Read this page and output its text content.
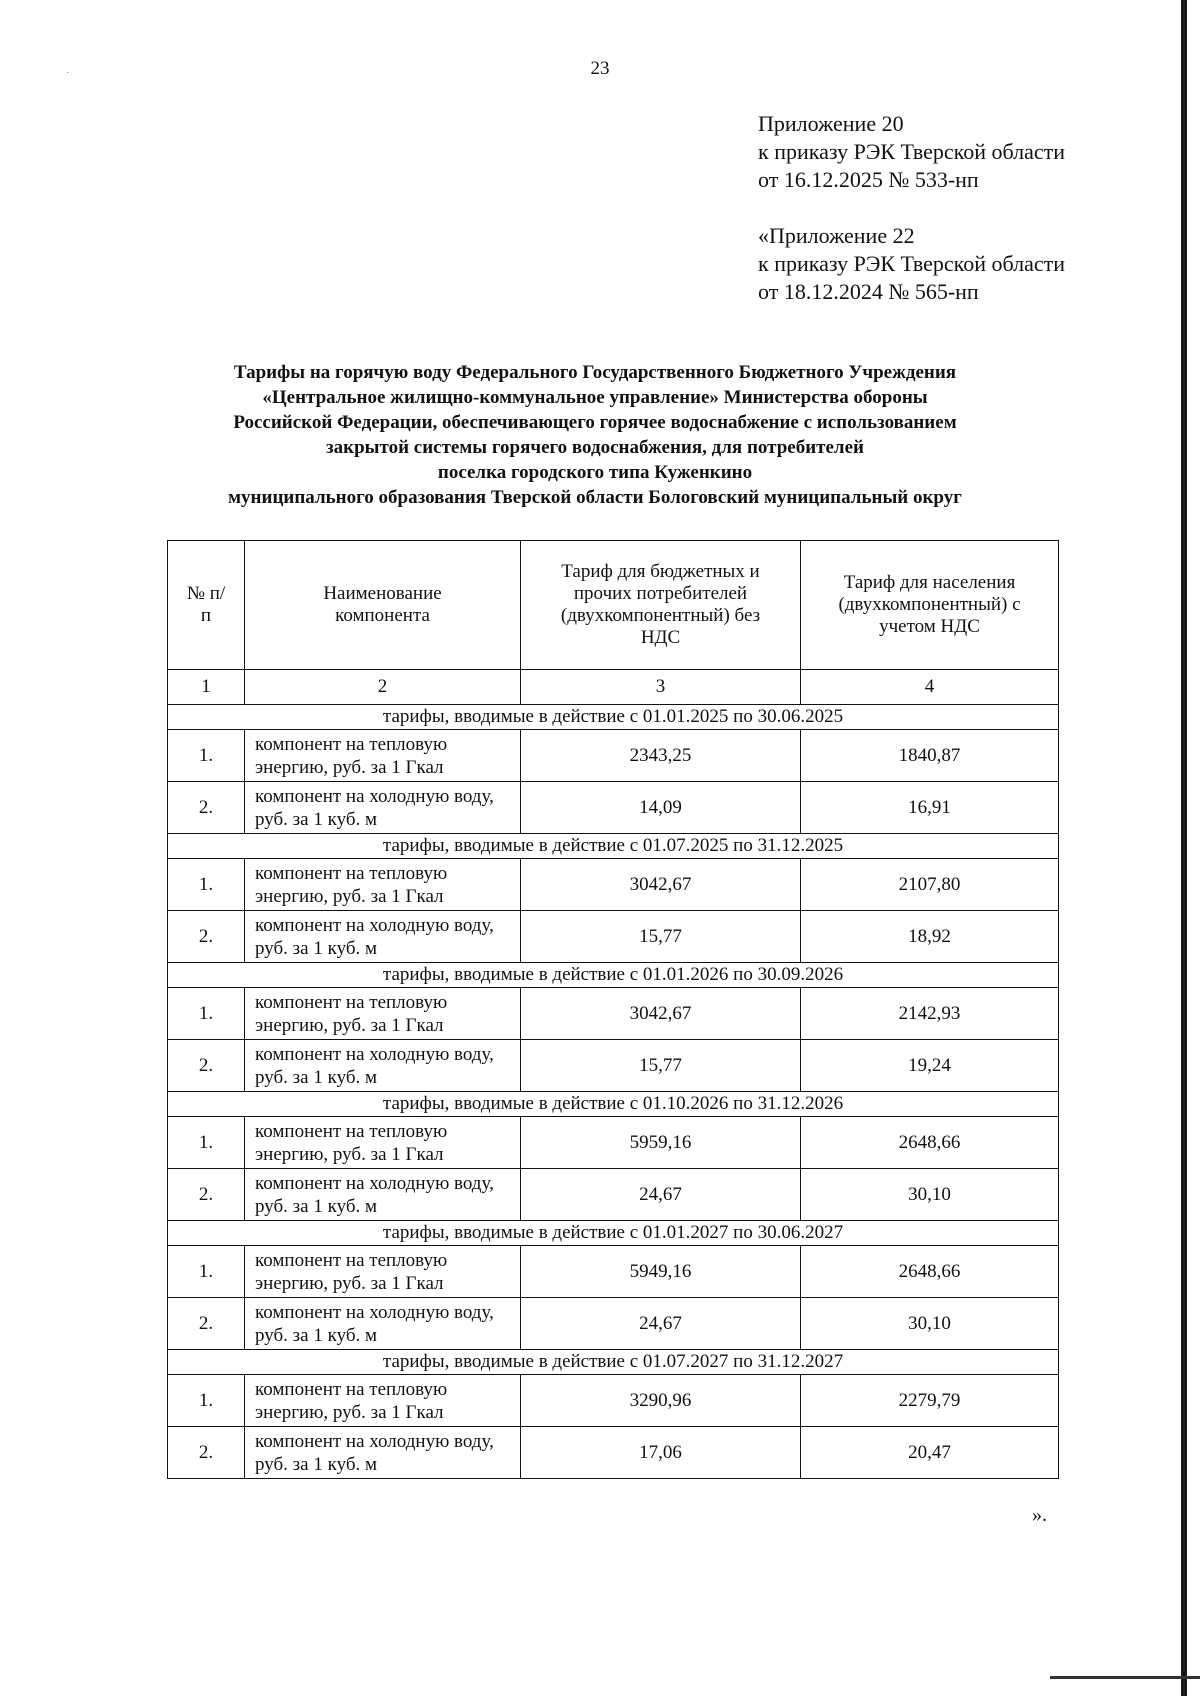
·	23
Приложение 20
к приказу РЭК Тверской области
от 16.12.2025 № 533-нп
«Приложение 22
к приказу РЭК Тверской области
от 18.12.2024 № 565-нп
Тарифы на горячую воду Федерального Государственного Бюджетного Учреждения
«Центральное жилищно-коммунальное управление» Министерства обороны
Российской Федерации, обеспечивающего горячее водоснабжение с использованием
закрытой системы горячего водоснабжения, для потребителей
поселка городского типа Куженкино
муниципального образования Тверской области Бологовский муниципальный округ
№ п/п	Наименование компонента	Тариф для бюджетных и прочих потребителей (двухкомпонентный) без НДС	Тариф для населения (двухкомпонентный) с учетом НДС
1	2	3	4
тарифы, вводимые в действие с 01.01.2025 по 30.06.2025			
1.	компонент на тепловую энергию, руб. за 1 Гкал	2343,25	1840,87
2.	компонент на холодную воду, руб. за 1 куб. м	14,09	16,91
тарифы, вводимые в действие с 01.07.2025 по 31.12.2025			
1.	компонент на тепловую энергию, руб. за 1 Гкал	3042,67	2107,80
2.	компонент на холодную воду, руб. за 1 куб. м	15,77	18,92
тарифы, вводимые в действие с 01.01.2026 по 30.09.2026			
1.	компонент на тепловую энергию, руб. за 1 Гкал	3042,67	2142,93
2.	компонент на холодную воду, руб. за 1 куб. м	15,77	19,24
тарифы, вводимые в действие с 01.10.2026 по 31.12.2026			
1.	компонент на тепловую энергию, руб. за 1 Гкал	5959,16	2648,66
2.	компонент на холодную воду, руб. за 1 куб. м	24,67	30,10
тарифы, вводимые в действие с 01.01.2027 по 30.06.2027			
1.	компонент на тепловую энергию, руб. за 1 Гкал	5949,16	2648,66
2.	компонент на холодную воду, руб. за 1 куб. м	24,67	30,10
тарифы, вводимые в действие с 01.07.2027 по 31.12.2027			
1.	компонент на тепловую энергию, руб. за 1 Гкал	3290,96	2279,79
2.	компонент на холодную воду, руб. за 1 куб. м	17,06	20,47
».
